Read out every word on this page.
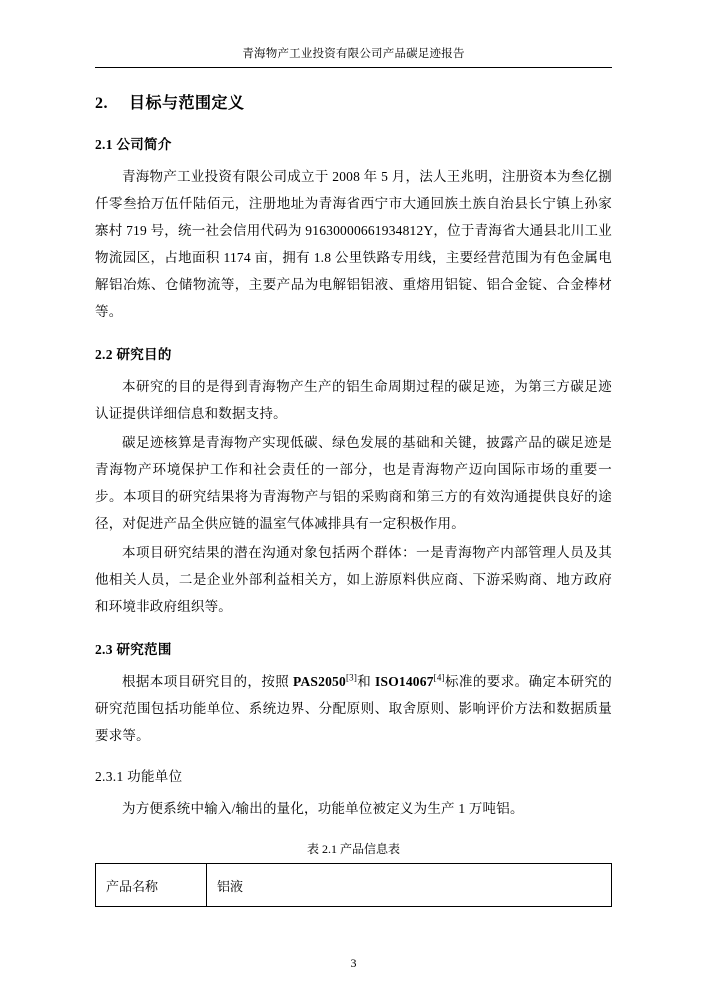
青海物产工业投资有限公司产品碳足迹报告
2. 目标与范围定义
2.1 公司简介

青海物产工业投资有限公司成立于 2008 年 5 月，法人王兆明，注册资本为叁亿捌仟零叁拾万伍仟陆佰元，注册地址为青海省西宁市大通回族土族自治县长宁镇上孙家寨村 719 号，统一社会信用代码为 91630000661934812Y，位于青海省大通县北川工业物流园区，占地面积 1174 亩，拥有 1.8 公里铁路专用线，主要经营范围为有色金属电解铝冶炼、仓储物流等，主要产品为电解铝铝液、重熔用铝锭、铝合金锭、合金棒材等。

2.2 研究目的

本研究的目的是得到青海物产生产的铝生命周期过程的碳足迹，为第三方碳足迹认证提供详细信息和数据支持。

碳足迹核算是青海物产实现低碳、绿色发展的基础和关键，披露产品的碳足迹是青海物产环境保护工作和社会责任的一部分，也是青海物产迈向国际市场的重要一步。本项目的研究结果将为青海物产与铝的采购商和第三方的有效沟通提供良好的途径，对促进产品全供应链的温室气体减排具有一定积极作用。

本项目研究结果的潜在沟通对象包括两个群体：一是青海物产内部管理人员及其他相关人员，二是企业外部利益相关方，如上游原料供应商、下游采购商、地方政府和环境非政府组织等。

2.3 研究范围

根据本项目研究目的，按照 PAS2050[3]和 ISO14067[4]标准的要求。确定本研究的研究范围包括功能单位、系统边界、分配原则、取舍原则、影响评价方法和数据质量要求等。

2.3.1 功能单位

为方便系统中输入/输出的量化，功能单位被定义为生产 1 万吨铝。

表 2.1 产品信息表
产品名称	铝液
3
